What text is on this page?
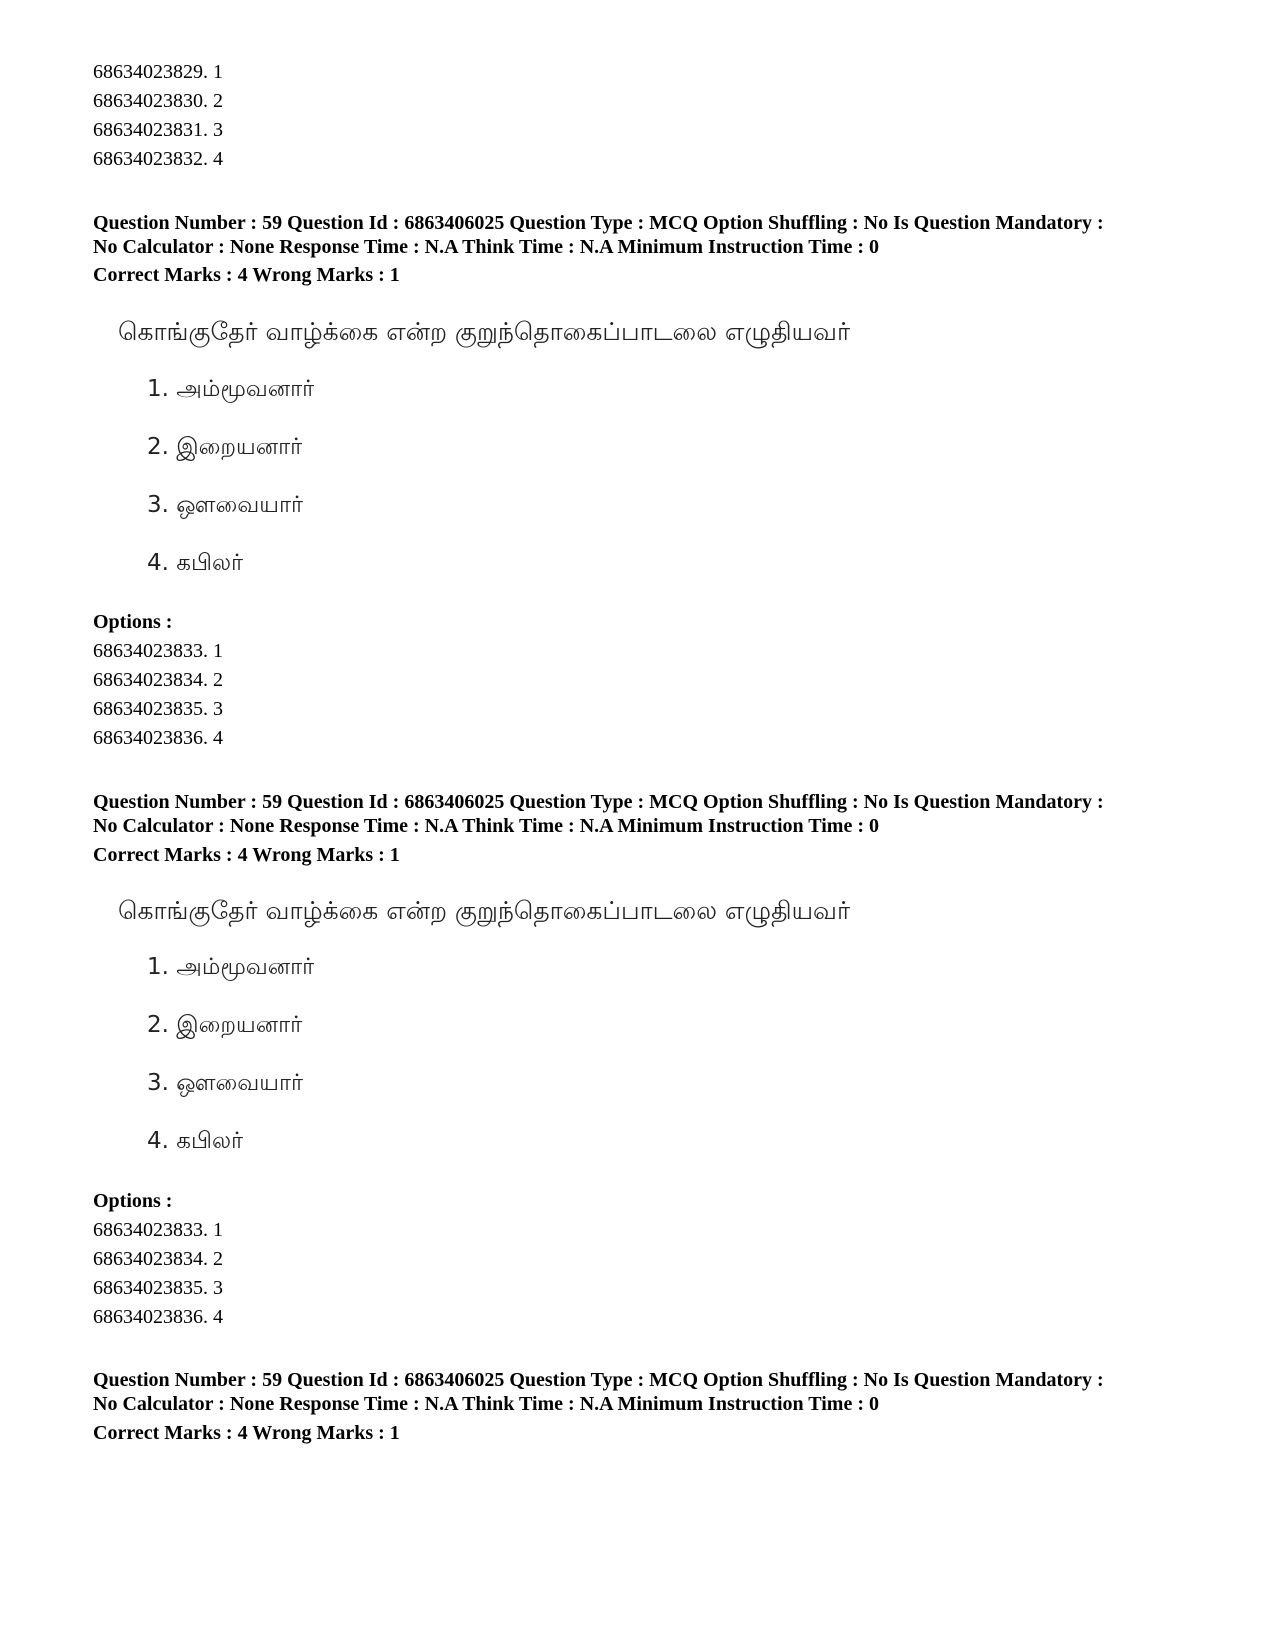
68634023829. 1
68634023830. 2
68634023831. 3
68634023832. 4
Question Number : 59 Question Id : 6863406025 Question Type : MCQ Option Shuffling : No Is Question Mandatory :
No Calculator : None Response Time : N.A Think Time : N.A Minimum Instruction Time : 0
Correct Marks : 4 Wrong Marks : 1
கொங்குதேர் வாழ்க்கை என்ற குறுந்தொகைப்பாடலை எழுதியவர்
1. அம்மூவனார்
2. இறையனார்
3. ஔவையார்
4. கபிலர்
Options :
68634023833. 1
68634023834. 2
68634023835. 3
68634023836. 4
Question Number : 59 Question Id : 6863406025 Question Type : MCQ Option Shuffling : No Is Question Mandatory :
No Calculator : None Response Time : N.A Think Time : N.A Minimum Instruction Time : 0
Correct Marks : 4 Wrong Marks : 1
கொங்குதேர் வாழ்க்கை என்ற குறுந்தொகைப்பாடலை எழுதியவர்
1. அம்மூவனார்
2. இறையனார்
3. ஔவையார்
4. கபிலர்
Options :
68634023833. 1
68634023834. 2
68634023835. 3
68634023836. 4
Question Number : 59 Question Id : 6863406025 Question Type : MCQ Option Shuffling : No Is Question Mandatory :
No Calculator : None Response Time : N.A Think Time : N.A Minimum Instruction Time : 0
Correct Marks : 4 Wrong Marks : 1
